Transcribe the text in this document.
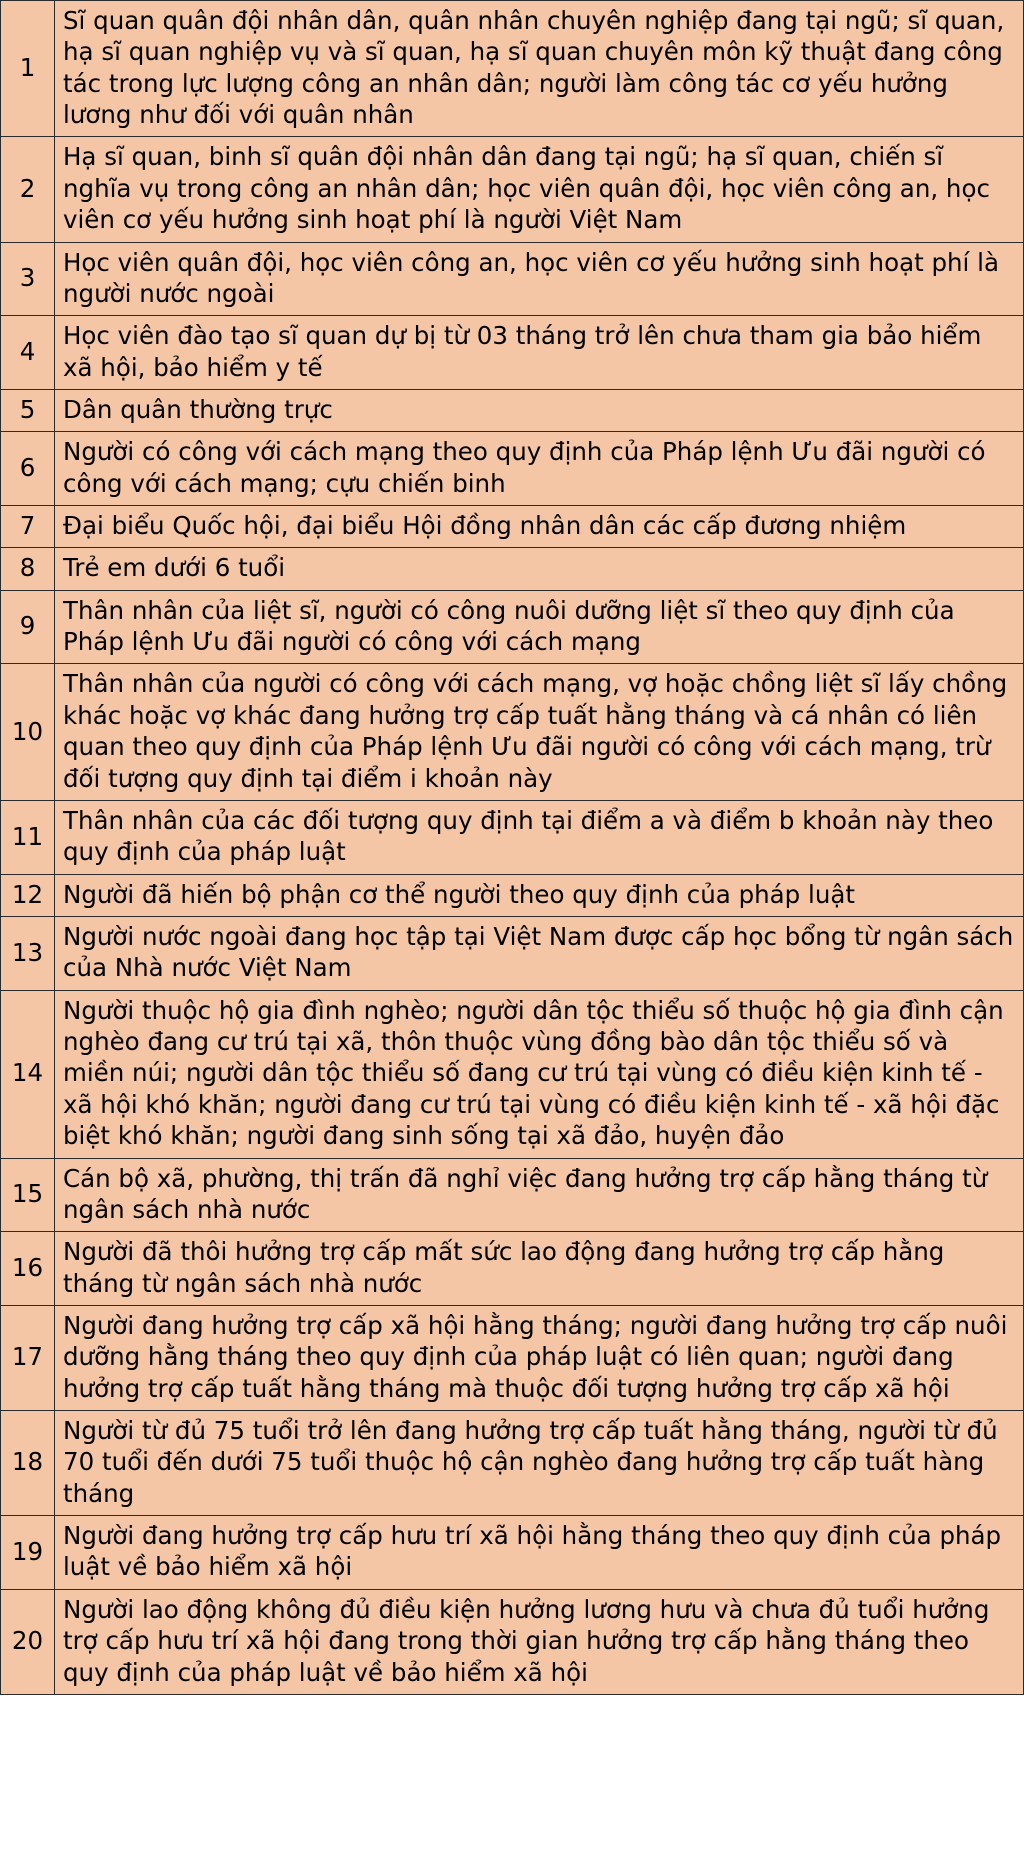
1	Sĩ quan quân đội nhân dân, quân nhân chuyên nghiệp đang tại ngũ; sĩ quan, hạ sĩ quan nghiệp vụ và sĩ quan, hạ sĩ quan chuyên môn kỹ thuật đang công tác trong lực lượng công an nhân dân; người làm công tác cơ yếu hưởng lương như đối với quân nhân
2	Hạ sĩ quan, binh sĩ quân đội nhân dân đang tại ngũ; hạ sĩ quan, chiến sĩ nghĩa vụ trong công an nhân dân; học viên quân đội, học viên công an, học viên cơ yếu hưởng sinh hoạt phí là người Việt Nam
3	Học viên quân đội, học viên công an, học viên cơ yếu hưởng sinh hoạt phí là người nước ngoài
4	Học viên đào tạo sĩ quan dự bị từ 03 tháng trở lên chưa tham gia bảo hiểm xã hội, bảo hiểm y tế
5	Dân quân thường trực
6	Người có công với cách mạng theo quy định của Pháp lệnh Ưu đãi người có công với cách mạng; cựu chiến binh
7	Đại biểu Quốc hội, đại biểu Hội đồng nhân dân các cấp đương nhiệm
8	Trẻ em dưới 6 tuổi
9	Thân nhân của liệt sĩ, người có công nuôi dưỡng liệt sĩ theo quy định của Pháp lệnh Ưu đãi người có công với cách mạng
10	Thân nhân của người có công với cách mạng, vợ hoặc chồng liệt sĩ lấy chồng khác hoặc vợ khác đang hưởng trợ cấp tuất hằng tháng và cá nhân có liên quan theo quy định của Pháp lệnh Ưu đãi người có công với cách mạng, trừ đối tượng quy định tại điểm i khoản này
11	Thân nhân của các đối tượng quy định tại điểm a và điểm b khoản này theo quy định của pháp luật
12	Người đã hiến bộ phận cơ thể người theo quy định của pháp luật
13	Người nước ngoài đang học tập tại Việt Nam được cấp học bổng từ ngân sách của Nhà nước Việt Nam
14	Người thuộc hộ gia đình nghèo; người dân tộc thiểu số thuộc hộ gia đình cận nghèo đang cư trú tại xã, thôn thuộc vùng đồng bào dân tộc thiểu số và miền núi; người dân tộc thiểu số đang cư trú tại vùng có điều kiện kinh tế - xã hội khó khăn; người đang cư trú tại vùng có điều kiện kinh tế - xã hội đặc biệt khó khăn; người đang sinh sống tại xã đảo, huyện đảo
15	Cán bộ xã, phường, thị trấn đã nghỉ việc đang hưởng trợ cấp hằng tháng từ ngân sách nhà nước
16	Người đã thôi hưởng trợ cấp mất sức lao động đang hưởng trợ cấp hằng tháng từ ngân sách nhà nước
17	Người đang hưởng trợ cấp xã hội hằng tháng; người đang hưởng trợ cấp nuôi dưỡng hằng tháng theo quy định của pháp luật có liên quan; người đang hưởng trợ cấp tuất hằng tháng mà thuộc đối tượng hưởng trợ cấp xã hội
18	Người từ đủ 75 tuổi trở lên đang hưởng trợ cấp tuất hằng tháng, người từ đủ 70 tuổi đến dưới 75 tuổi thuộc hộ cận nghèo đang hưởng trợ cấp tuất hàng tháng
19	Người đang hưởng trợ cấp hưu trí xã hội hằng tháng theo quy định của pháp luật về bảo hiểm xã hội
20	Người lao động không đủ điều kiện hưởng lương hưu và chưa đủ tuổi hưởng trợ cấp hưu trí xã hội đang trong thời gian hưởng trợ cấp hằng tháng theo quy định của pháp luật về bảo hiểm xã hội
